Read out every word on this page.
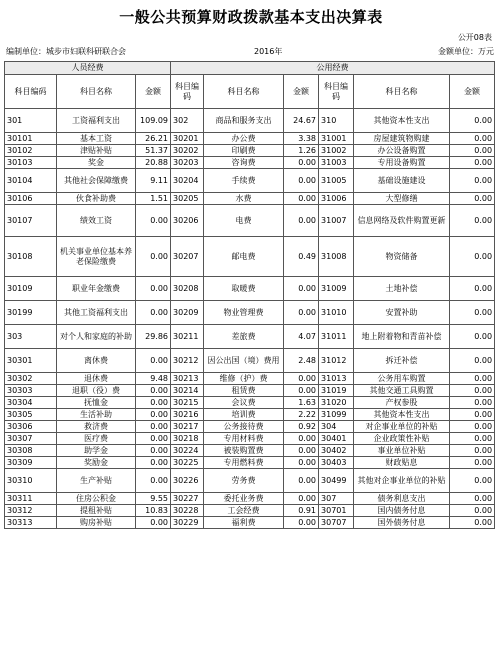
一般公共预算财政拨款基本支出决算表
公开08表
编制单位：城步市妇联科研联合会	2016年	金额单位：万元
人员经费			公用经费					
科目编码	科目名称	金额	科目编码	科目名称	金额	科目编码	科目名称	金额
301	工资福利支出	109.09	302	商品和服务支出	24.67	310	其他资本性支出	0.00
30101	基本工资	26.21	30201	办公费	3.38	31001	房屋建筑物购建	0.00
30102	津贴补贴	51.37	30202	印刷费	1.26	31002	办公设备购置	0.00
30103	奖金	20.88	30203	咨询费	0.00	31003	专用设备购置	0.00
30104	其他社会保障缴费	9.11	30204	手续费	0.00	31005	基础设施建设	0.00
30106	伙食补助费	1.51	30205	水费	0.00	31006	大型修缮	0.00
30107	绩效工资	0.00	30206	电费	0.00	31007	信息网络及软件购置更新	0.00
30108	机关事业单位基本养老保险缴费	0.00	30207	邮电费	0.49	31008	物资储备	0.00
30109	职业年金缴费	0.00	30208	取暖费	0.00	31009	土地补偿	0.00
30199	其他工资福利支出	0.00	30209	物业管理费	0.00	31010	安置补助	0.00
303	对个人和家庭的补助	29.86	30211	差旅费	4.07	31011	地上附着物和青苗补偿	0.00
30301	离休费	0.00	30212	因公出国（境）费用	2.48	31012	拆迁补偿	0.00
30302	退休费	9.48	30213	维修（护）费	0.00	31013	公务用车购置	0.00
30303	退职（役）费	0.00	30214	租赁费	0.00	31019	其他交通工具购置	0.00
30304	抚恤金	0.00	30215	会议费	1.63	31020	产权参股	0.00
30305	生活补助	0.00	30216	培训费	2.22	31099	其他资本性支出	0.00
30306	救济费	0.00	30217	公务接待费	0.92	304	对企事业单位的补贴	0.00
30307	医疗费	0.00	30218	专用材料费	0.00	30401	企业政策性补贴	0.00
30308	助学金	0.00	30224	被装购置费	0.00	30402	事业单位补贴	0.00
30309	奖励金	0.00	30225	专用燃料费	0.00	30403	财政贴息	0.00
30310	生产补贴	0.00	30226	劳务费	0.00	30499	其他对企事业单位的补贴	0.00
30311	住房公积金	9.55	30227	委托业务费	0.00	307	债务利息支出	0.00
30312	提租补贴	10.83	30228	工会经费	0.91	30701	国内债务付息	0.00
30313	购房补贴	0.00	30229	福利费	0.00	30707	国外债务付息	0.00
